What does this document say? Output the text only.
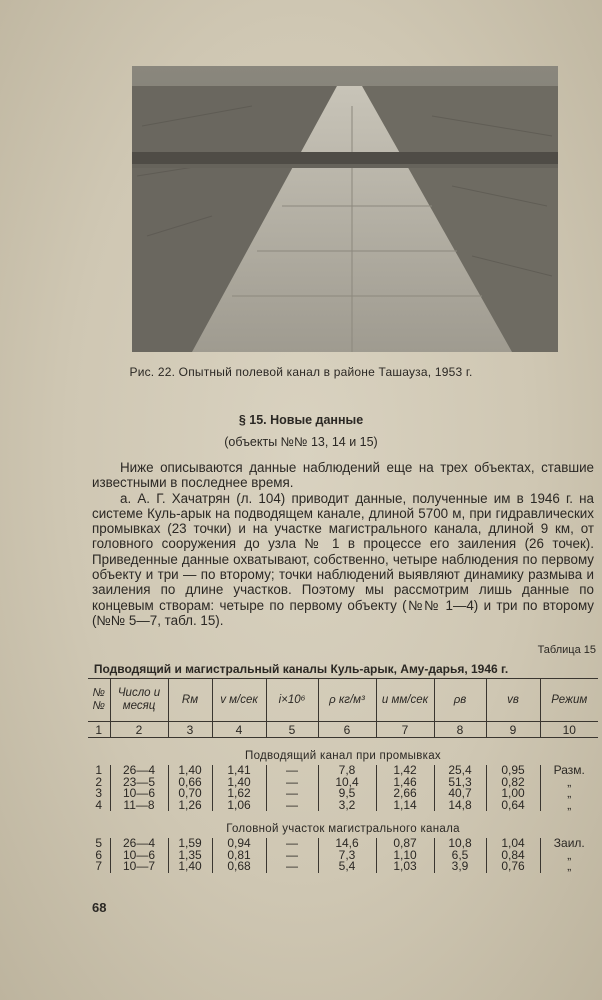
Рис. 22. Опытный полевой канал в районе Ташауза, 1953 г.
§ 15. Новые данные
(объекты №№ 13, 14 и 15)

Ниже описываются данные наблюдений еще на трех объектах, ставшие известными в последнее время.

а. А. Г. Хачатрян (л. 104) приводит данные, полученные им в 1946 г. на системе Куль-арык на подводящем канале, длиной 5700 м, при гидравлических промывках (23 точки) и на участке магистрального канала, длиной 9 км, от головного сооружения до узла № 1 в процессе его заиления (26 точек). Приведенные данные охватывают, собственно, четыре наблюдения по первому объекту и три — по второму; точки наблюдений выявляют динамику размыва и заиления по длине участков. Поэтому мы рассмотрим лишь данные по концевым створам: четыре по первому объекту (№№ 1—4) и три по второму (№№ 5—7, табл. 15).

Таблица 15
Подводящий и магистральный каналы Куль-арык, Аму-дарья, 1946 г.
№№	Число и месяц	Rм	v м/сек	i×10⁶	ρ кг/м³	u мм/сек	ρв	vв	Режим
1	2	3	4	5	6	7	8	9	10
Подводящий канал при промывках									
1	26—4	1,40	1,41	—	7,8	1,42	25,4	0,95	Разм.
2	23—5	0,66	1,40	—	10,4	1,46	51,3	0,82	„
3	10—6	0,70	1,62	—	9,5	2,66	40,7	1,00	„
4	11—8	1,26	1,06	—	3,2	1,14	14,8	0,64	„
Головной участок магистрального канала									
5	26—4	1,59	0,94	—	14,6	0,87	10,8	1,04	Заил.
6	10—6	1,35	0,81	—	7,3	1,10	6,5	0,84	„
7	10—7	1,40	0,68	—	5,4	1,03	3,9	0,76	„
68
